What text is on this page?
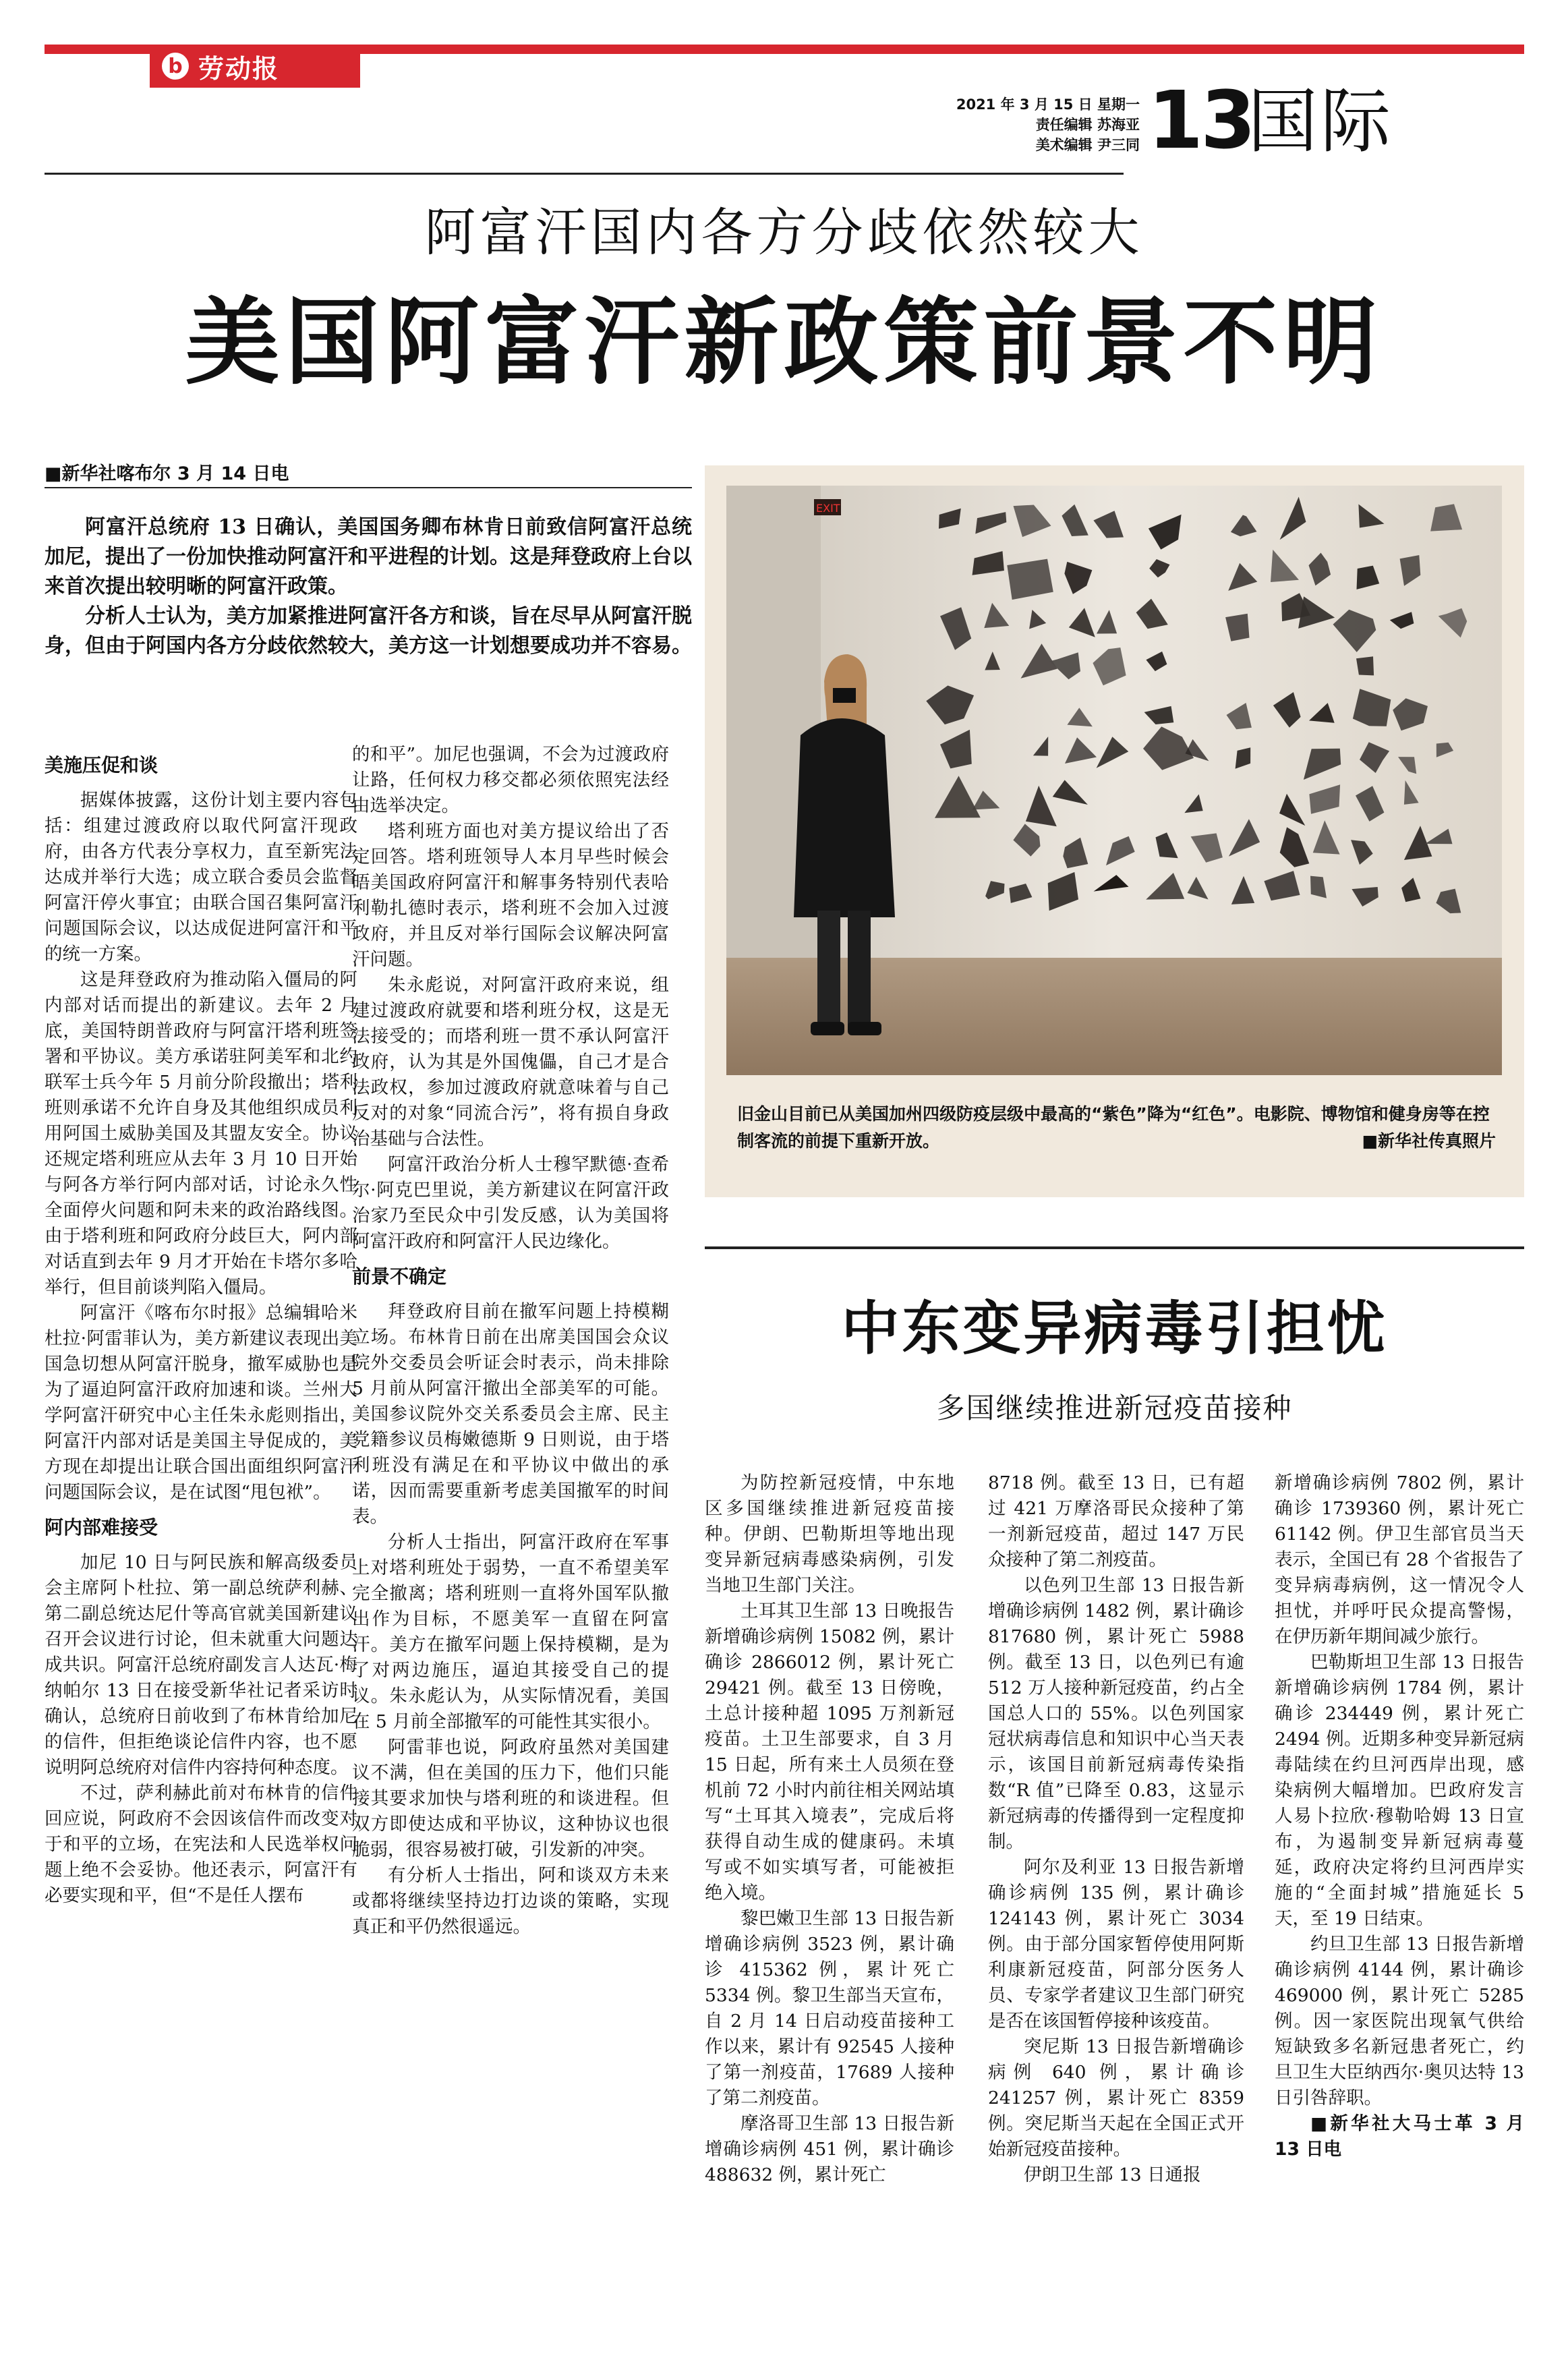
b 劳动报
2021 年 3 月 15 日 星期一
责任编辑 苏海亚
美术编辑 尹三同 13
国际
阿富汗国内各方分歧依然较大
美国阿富汗新政策前景不明
■新华社喀布尔 3 月 14 日电

阿富汗总统府 13 日确认，美国国务卿布林肯日前致信阿富汗总统加尼，提出了一份加快推动阿富汗和平进程的计划。这是拜登政府上台以来首次提出较明晰的阿富汗政策。

分析人士认为，美方加紧推进阿富汗各方和谈，旨在尽早从阿富汗脱身，但由于阿国内各方分歧依然较大，美方这一计划想要成功并不容易。

美施压促和谈

据媒体披露，这份计划主要内容包括：组建过渡政府以取代阿富汗现政府，由各方代表分享权力，直至新宪法达成并举行大选；成立联合委员会监督阿富汗停火事宜；由联合国召集阿富汗问题国际会议，以达成促进阿富汗和平的统一方案。

这是拜登政府为推动陷入僵局的阿内部对话而提出的新建议。去年 2 月底，美国特朗普政府与阿富汗塔利班签署和平协议。美方承诺驻阿美军和北约联军士兵今年 5 月前分阶段撤出；塔利班则承诺不允许自身及其他组织成员利用阿国土威胁美国及其盟友安全。协议还规定塔利班应从去年 3 月 10 日开始与阿各方举行阿内部对话，讨论永久性全面停火问题和阿未来的政治路线图。由于塔利班和阿政府分歧巨大，阿内部对话直到去年 9 月才开始在卡塔尔多哈举行，但目前谈判陷入僵局。

阿富汗《喀布尔时报》总编辑哈米杜拉·阿雷菲认为，美方新建议表现出美国急切想从阿富汗脱身，撤军威胁也是为了逼迫阿富汗政府加速和谈。兰州大学阿富汗研究中心主任朱永彪则指出，阿富汗内部对话是美国主导促成的，美方现在却提出让联合国出面组织阿富汗问题国际会议，是在试图“甩包袱”。

阿内部难接受

加尼 10 日与阿民族和解高级委员会主席阿卜杜拉、第一副总统萨利赫、第二副总统达尼什等高官就美国新建议召开会议进行讨论，但未就重大问题达成共识。阿富汗总统府副发言人达瓦·梅纳帕尔 13 日在接受新华社记者采访时确认，总统府日前收到了布林肯给加尼的信件，但拒绝谈论信件内容，也不愿说明阿总统府对信件内容持何种态度。

不过，萨利赫此前对布林肯的信件回应说，阿政府不会因该信件而改变对于和平的立场，在宪法和人民选举权问题上绝不会妥协。他还表示，阿富汗有必要实现和平，但“不是任人摆布

的和平”。加尼也强调，不会为过渡政府让路，任何权力移交都必须依照宪法经由选举决定。

塔利班方面也对美方提议给出了否定回答。塔利班领导人本月早些时候会晤美国政府阿富汗和解事务特别代表哈利勒扎德时表示，塔利班不会加入过渡政府，并且反对举行国际会议解决阿富汗问题。

朱永彪说，对阿富汗政府来说，组建过渡政府就要和塔利班分权，这是无法接受的；而塔利班一贯不承认阿富汗政府，认为其是外国傀儡，自己才是合法政权，参加过渡政府就意味着与自己反对的对象“同流合污”，将有损自身政治基础与合法性。

阿富汗政治分析人士穆罕默德·查希尔·阿克巴里说，美方新建议在阿富汗政治家乃至民众中引发反感，认为美国将阿富汗政府和阿富汗人民边缘化。

前景不确定

拜登政府目前在撤军问题上持模糊立场。布林肯日前在出席美国国会众议院外交委员会听证会时表示，尚未排除 5 月前从阿富汗撤出全部美军的可能。美国参议院外交关系委员会主席、民主党籍参议员梅嫩德斯 9 日则说，由于塔利班没有满足在和平协议中做出的承诺，因而需要重新考虑美国撤军的时间表。

分析人士指出，阿富汗政府在军事上对塔利班处于弱势，一直不希望美军完全撤离；塔利班则一直将外国军队撤出作为目标，不愿美军一直留在阿富汗。美方在撤军问题上保持模糊，是为了对两边施压，逼迫其接受自己的提议。朱永彪认为，从实际情况看，美国在 5 月前全部撤军的可能性其实很小。

阿雷菲也说，阿政府虽然对美国建议不满，但在美国的压力下，他们只能接其要求加快与塔利班的和谈进程。但双方即使达成和平协议，这种协议也很脆弱，很容易被打破，引发新的冲突。

有分析人士指出，阿和谈双方未来或都将继续坚持边打边谈的策略，实现真正和平仍然很遥远。

EXIT
旧金山目前已从美国加州四级防疫层级中最高的“紫色”降为“红色”。电影院、博物馆和健身房等在控制客流的前提下重新开放。	■新华社传真照片
中东变异病毒引担忧
多国继续推进新冠疫苗接种

为防控新冠疫情，中东地区多国继续推进新冠疫苗接种。伊朗、巴勒斯坦等地出现变异新冠病毒感染病例，引发当地卫生部门关注。

土耳其卫生部 13 日晚报告新增确诊病例 15082 例，累计确诊 2866012 例，累计死亡 29421 例。截至 13 日傍晚，土总计接种超 1095 万剂新冠疫苗。土卫生部要求，自 3 月 15 日起，所有来土人员须在登机前 72 小时内前往相关网站填写“土耳其入境表”，完成后将获得自动生成的健康码。未填写或不如实填写者，可能被拒绝入境。

黎巴嫩卫生部 13 日报告新增确诊病例 3523 例，累计确诊 415362 例，累计死亡 5334 例。黎卫生部当天宣布，自 2 月 14 日启动疫苗接种工作以来，累计有 92545 人接种了第一剂疫苗，17689 人接种了第二剂疫苗。

摩洛哥卫生部 13 日报告新增确诊病例 451 例，累计确诊 488632 例，累计死亡

8718 例。截至 13 日，已有超过 421 万摩洛哥民众接种了第一剂新冠疫苗，超过 147 万民众接种了第二剂疫苗。

以色列卫生部 13 日报告新增确诊病例 1482 例，累计确诊 817680 例，累计死亡 5988 例。截至 13 日，以色列已有逾 512 万人接种新冠疫苗，约占全国总人口的 55%。以色列国家冠状病毒信息和知识中心当天表示，该国目前新冠病毒传染指数“R 值”已降至 0.83，这显示新冠病毒的传播得到一定程度抑制。

阿尔及利亚 13 日报告新增确诊病例 135 例，累计确诊 124143 例，累计死亡 3034 例。由于部分国家暂停使用阿斯利康新冠疫苗，阿部分医务人员、专家学者建议卫生部门研究是否在该国暂停接种该疫苗。

突尼斯 13 日报告新增确诊病例 640 例，累计确诊 241257 例，累计死亡 8359 例。突尼斯当天起在全国正式开始新冠疫苗接种。

伊朗卫生部 13 日通报

新增确诊病例 7802 例，累计确诊 1739360 例，累计死亡 61142 例。伊卫生部官员当天表示，全国已有 28 个省报告了变异病毒病例，这一情况令人担忧，并呼吁民众提高警惕，在伊历新年期间减少旅行。

巴勒斯坦卫生部 13 日报告新增确诊病例 1784 例，累计确诊 234449 例，累计死亡 2494 例。近期多种变异新冠病毒陆续在约旦河西岸出现，感染病例大幅增加。巴政府发言人易卜拉欣·穆勒哈姆 13 日宣布，为遏制变异新冠病毒蔓延，政府决定将约旦河西岸实施的“全面封城”措施延长 5 天，至 19 日结束。

约旦卫生部 13 日报告新增确诊病例 4144 例，累计确诊 469000 例，累计死亡 5285 例。因一家医院出现氧气供给短缺致多名新冠患者死亡，约旦卫生大臣纳西尔·奥贝达特 13 日引咎辞职。

■新华社大马士革 3 月 13 日电
